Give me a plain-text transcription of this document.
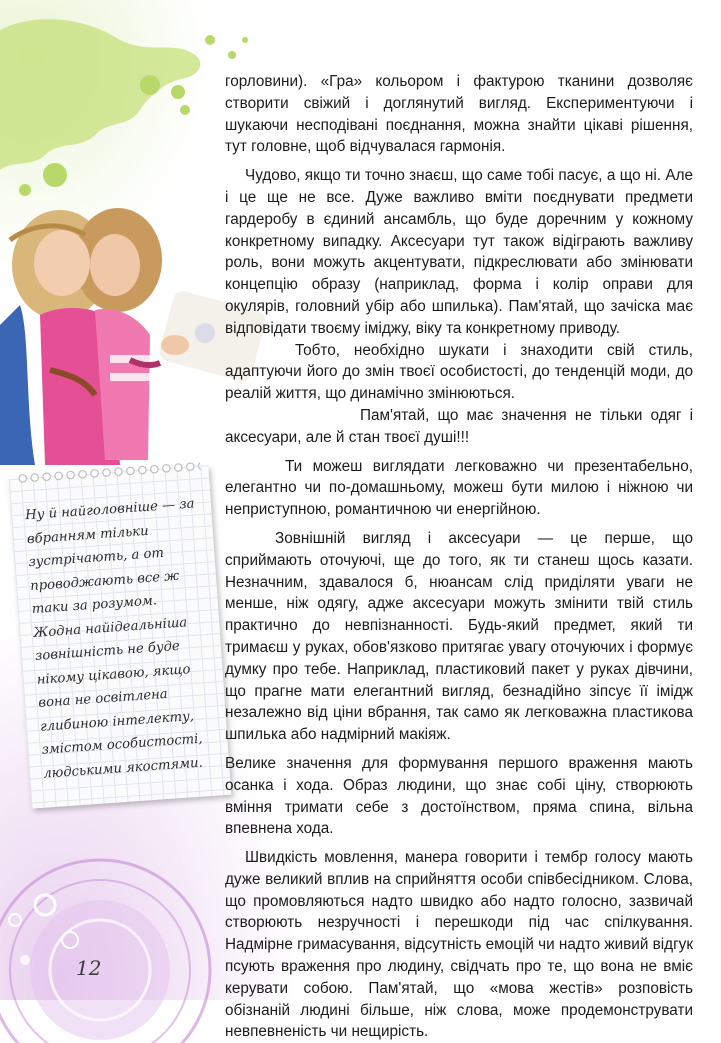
Ну й найголовніше — за вбранням тільки зустрічають, а от проводжають все ж таки за розумом. Жодна найідеальніша зовнішність не буде нікому цікавою, якщо вона не освітлена глибиною інтелекту, змістом особистості, людськими якостями.
12

горловини). «Гра» кольором і фактурою тканини дозволяє створити свіжий і доглянутий вигляд. Експериментуючи і шукаючи несподівані поєднання, можна знайти цікаві рішення, тут головне, щоб відчувалася гармонія.

Чудово, якщо ти точно знаєш, що саме тобі пасує, а що ні. Але і це ще не все. Дуже важливо вміти поєднувати предмети гардеробу в єдиний ансамбль, що буде доречним у кожному конкретному випадку. Аксесуари тут також відіграють важливу роль, вони можуть акцентувати, підкреслювати або змінювати концепцію образу (наприклад, форма і колір оправи для окулярів, головний убір або шпилька). Пам'ятай, що зачіска має відповідати твоєму іміджу, віку та конкретному приводу.

Тобто, необхідно шукати і знаходити свій стиль, адаптуючи його до змін твоєї особистості, до тенденцій моди, до реалій життя, що динамічно змінюються.

Пам'ятай, що має значення не тільки одяг і аксесуари, але й стан твоєї душі!!!

Ти можеш виглядати легковажно чи презентабельно, елегантно чи по-домашньому, можеш бути милою і ніжною чи неприступною, романтичною чи енергійною.

Зовнішній вигляд і аксесуари — це перше, що сприймають оточуючі, ще до того, як ти станеш щось казати. Незначним, здавалося б, нюансам слід приділяти уваги не менше, ніж одягу, адже аксесуари можуть змінити твій стиль практично до невпізнанності. Будь-який предмет, який ти тримаєш у руках, обов'язково притягає увагу оточуючих і формує думку про тебе. Наприклад, пластиковий пакет у руках дівчини, що прагне мати елегантний вигляд, безнадійно зіпсує її імідж незалежно від ціни вбрання, так само як легковажна пластикова шпилька або надмірний макіяж.

Велике значення для формування першого враження мають осанка і хода. Образ людини, що знає собі ціну, створюють вміння тримати себе з достоїнством, пряма спина, вільна впевнена хода.

Швидкість мовлення, манера говорити і тембр голосу мають дуже великий вплив на сприйняття особи співбесідником. Слова, що промовляються надто швидко або надто голосно, зазвичай створюють незручності і перешкоди під час спілкування. Надмірне гримасування, відсутність емоцій чи надто живий відгук псують враження про людину, свідчать про те, що вона не вміє керувати собою. Пам'ятай, що «мова жестів» розповість обізнаній людині більше, ніж слова, може продемонструвати невпевненість чи нещирість.
